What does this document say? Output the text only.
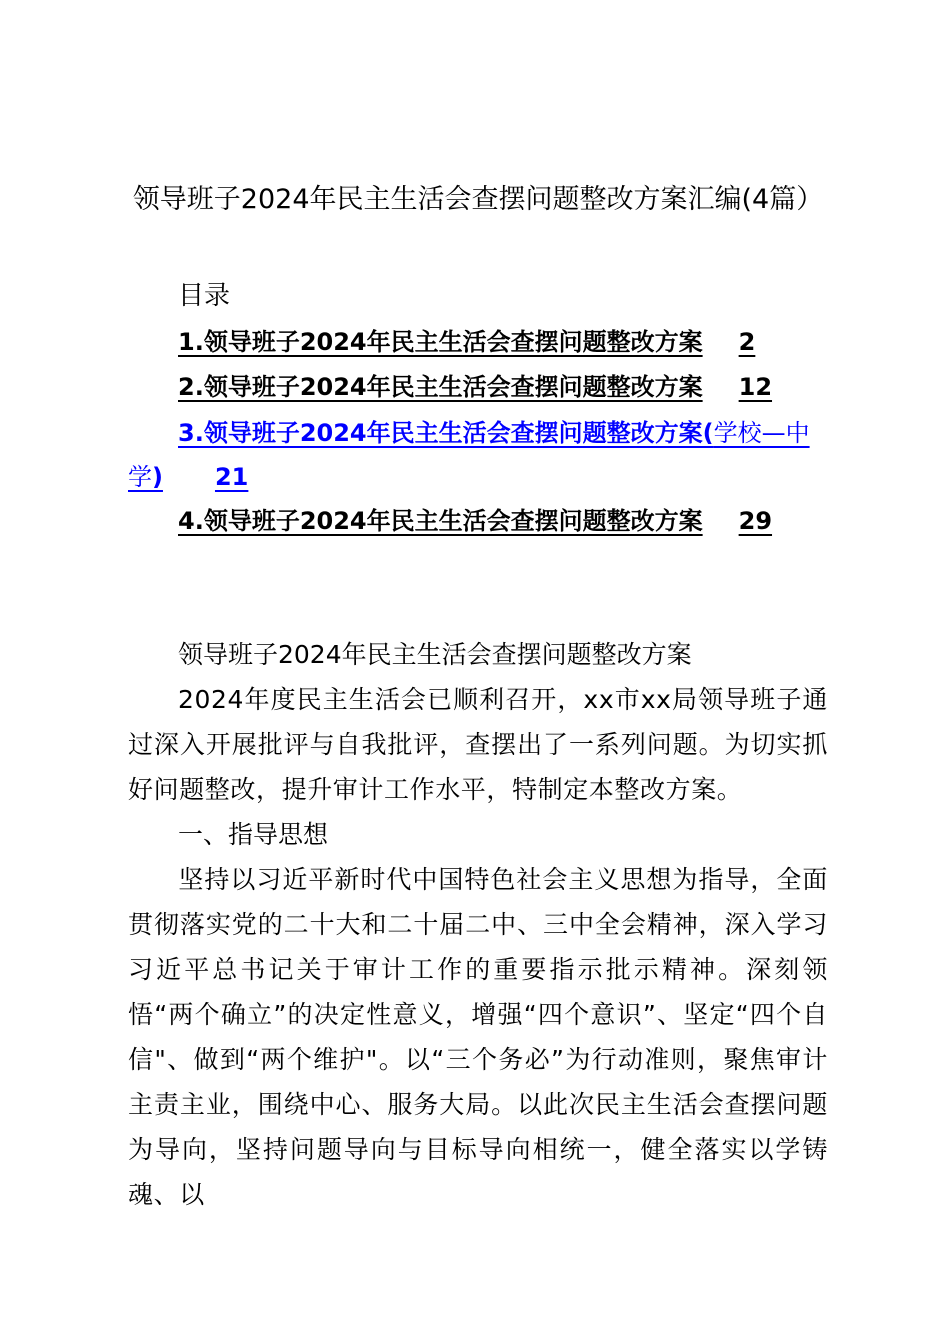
领导班子2024年民主生活会查摆问题整改方案汇编(4篇）
目录
1.领导班子2024年民主生活会查摆问题整改方案 2
2.领导班子2024年民主生活会查摆问题整改方案 12
3.领导班子2024年民主生活会查摆问题整改方案(学校—中学) 21
4.领导班子2024年民主生活会查摆问题整改方案 29
领导班子2024年民主生活会查摆问题整改方案
2024年度民主生活会已顺利召开，xx市xx局领导班子通过深入开展批评与自我批评，查摆出了一系列问题。为切实抓好问题整改，提升审计工作水平，特制定本整改方案。
一、指导思想
坚持以习近平新时代中国特色社会主义思想为指导，全面贯彻落实党的二十大和二十届二中、三中全会精神，深入学习习近平总书记关于审计工作的重要指示批示精神。深刻领悟“两个确立”的决定性意义，增强“四个意识”、坚定“四个自信"、做到“两个维护"。以“三个务必”为行动准则，聚焦审计主责主业，围绕中心、服务大局。以此次民主生活会查摆问题为导向，坚持问题导向与目标导向相统一，健全落实以学铸魂、以
